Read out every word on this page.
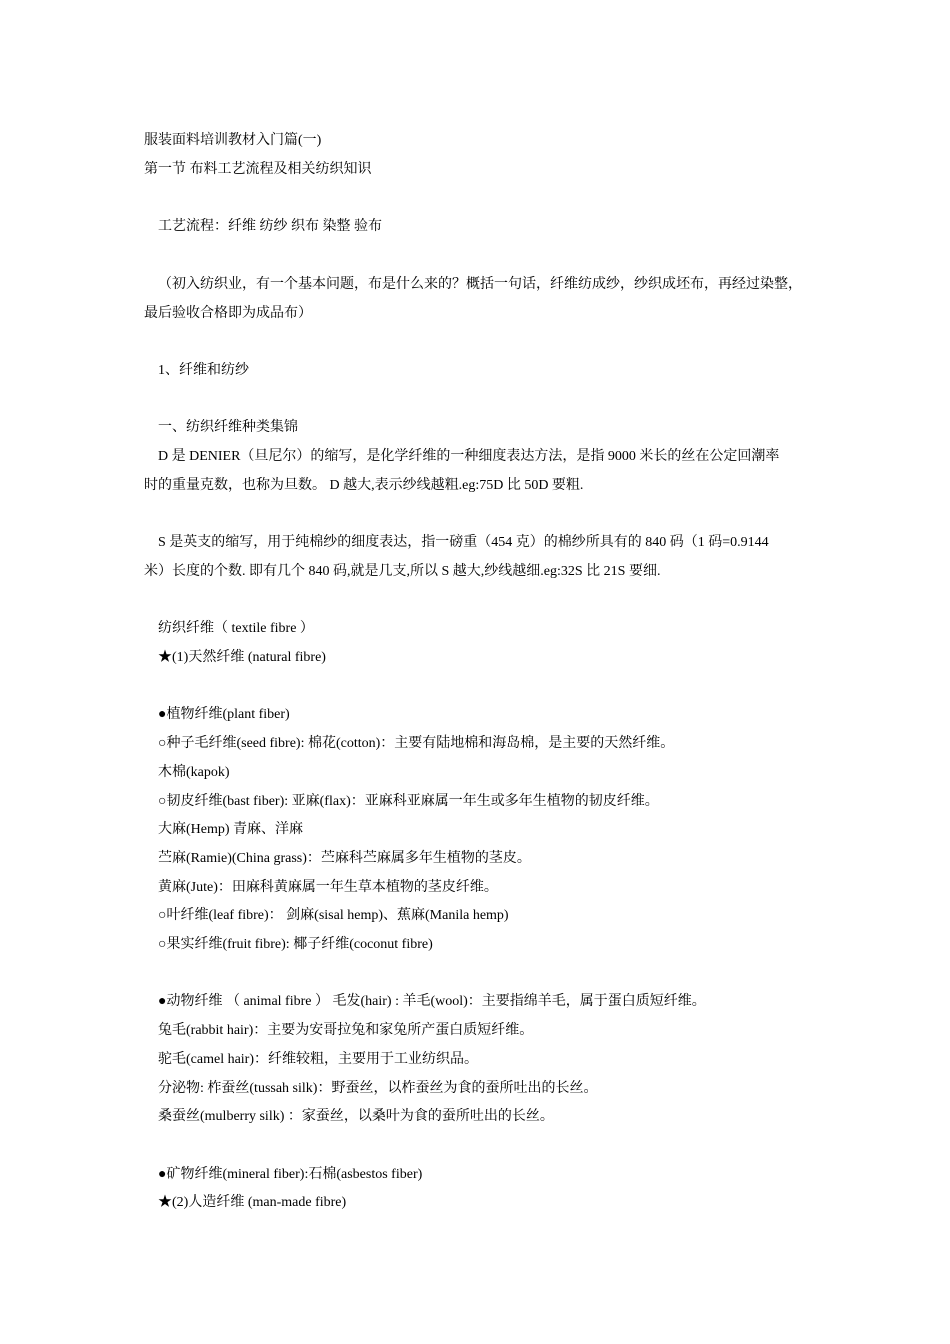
服装面料培训教材入门篇(一)

第一节 布料工艺流程及相关纺织知识

工艺流程：纤维 纺纱 织布 染整 验布

（初入纺织业，有一个基本问题，布是什么来的？概括一句话，纤维纺成纱，纱织成坯布，再经过染整，

最后验收合格即为成品布）

1、纤维和纺纱

一、纺织纤维种类集锦

D 是 DENIER（旦尼尔）的缩写，是化学纤维的一种细度表达方法，是指 9000 米长的丝在公定回潮率

时的重量克数，也称为旦数。 D 越大,表示纱线越粗.eg:75D 比 50D 要粗.

S 是英支的缩写，用于纯棉纱的细度表达，指一磅重（454 克）的棉纱所具有的 840 码（1 码=0.9144

米）长度的个数. 即有几个 840 码,就是几支,所以 S 越大,纱线越细.eg:32S 比 21S 要细.

纺织纤维（ textile fibre ）

★(1)天然纤维 (natural fibre)

●植物纤维(plant fiber)

○种子毛纤维(seed fibre): 棉花(cotton)：主要有陆地棉和海岛棉，是主要的天然纤维。

木棉(kapok)

○韧皮纤维(bast fiber): 亚麻(flax)：亚麻科亚麻属一年生或多年生植物的韧皮纤维。

大麻(Hemp) 青麻、洋麻

苎麻(Ramie)(China grass)：苎麻科苎麻属多年生植物的茎皮。

黄麻(Jute)：田麻科黄麻属一年生草本植物的茎皮纤维。

○叶纤维(leaf fibre)： 剑麻(sisal hemp)、蕉麻(Manila hemp)

○果实纤维(fruit fibre): 椰子纤维(coconut fibre)

●动物纤维 （ animal fibre ） 毛发(hair) : 羊毛(wool)：主要指绵羊毛，属于蛋白质短纤维。

兔毛(rabbit hair)：主要为安哥拉兔和家兔所产蛋白质短纤维。

驼毛(camel hair)：纤维较粗，主要用于工业纺织品。

分泌物: 柞蚕丝(tussah silk)：野蚕丝，以柞蚕丝为食的蚕所吐出的长丝。

桑蚕丝(mulberry silk) ：家蚕丝，以桑叶为食的蚕所吐出的长丝。

●矿物纤维(mineral fiber):石棉(asbestos fiber)

★(2)人造纤维 (man-made fibre)
